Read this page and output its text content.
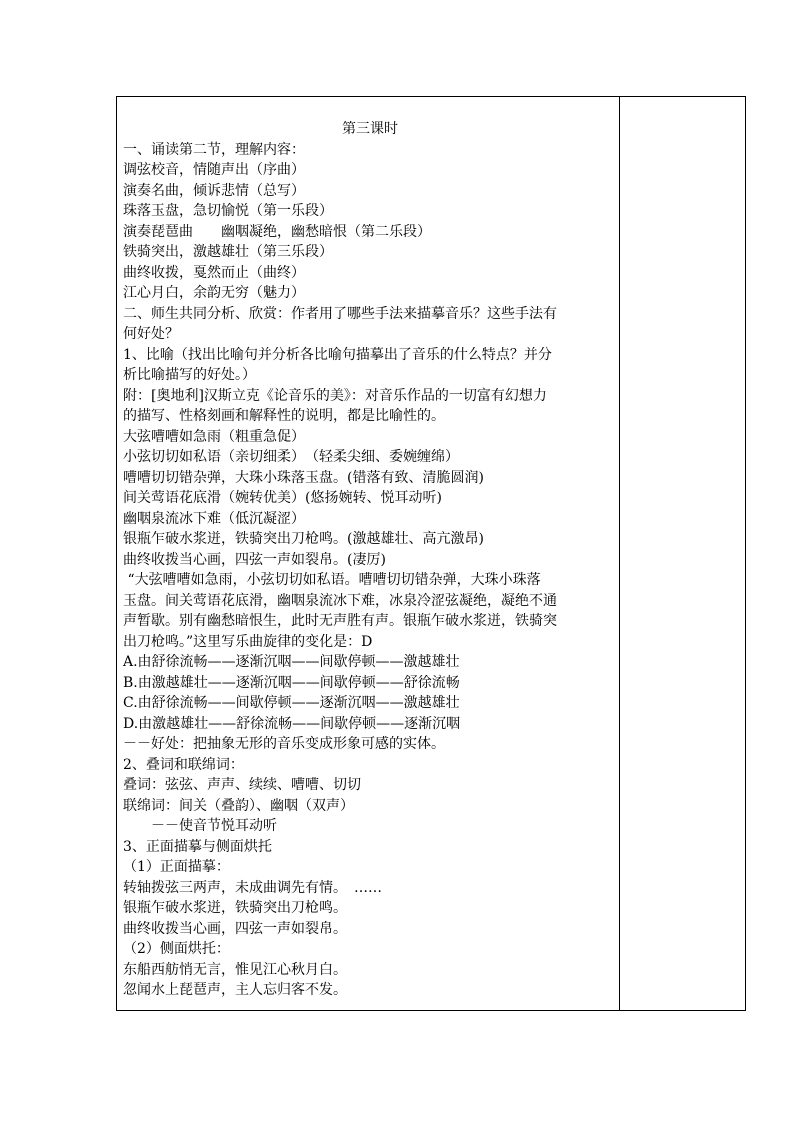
第三课时
一、诵读第二节，理解内容：
调弦校音，情随声出（序曲）
演奏名曲，倾诉悲情（总写）
珠落玉盘，急切愉悦（第一乐段）
演奏琵琶曲　　幽咽凝绝，幽愁暗恨（第二乐段）
铁骑突出，激越雄壮（第三乐段）
曲终收拨，戛然而止（曲终）
江心月白，余韵无穷（魅力）
二、师生共同分析、欣赏：作者用了哪些手法来描摹音乐？这些手法有
何好处？
1、比喻（找出比喻句并分析各比喻句描摹出了音乐的什么特点？并分
析比喻描写的好处。）
附：[奥地利]汉斯立克《论音乐的美》：对音乐作品的一切富有幻想力
的描写、性格刻画和解释性的说明，都是比喻性的。
大弦嘈嘈如急雨（粗重急促）
小弦切切如私语（亲切细柔）　（轻柔尖细、委婉缠绵）
嘈嘈切切错杂弹，大珠小珠落玉盘。(错落有致、清脆圆润)
间关莺语花底滑（婉转优美）(悠扬婉转、悦耳动听)
幽咽泉流冰下难（低沉凝涩）
银瓶乍破水浆迸，铁骑突出刀枪鸣。(激越雄壮、高亢激昂)
曲终收拨当心画，四弦一声如裂帛。(凄厉)
“大弦嘈嘈如急雨，小弦切切如私语。嘈嘈切切错杂弹，大珠小珠落
玉盘。间关莺语花底滑，幽咽泉流冰下难，冰泉冷涩弦凝绝，凝绝不通
声暂歇。别有幽愁暗恨生，此时无声胜有声。银瓶乍破水浆迸，铁骑突
出刀枪鸣。”这里写乐曲旋律的变化是：D
A.由舒徐流畅——逐渐沉咽——间歇停顿——激越雄壮
B.由激越雄壮——逐渐沉咽——间歇停顿——舒徐流畅
C.由舒徐流畅——间歇停顿——逐渐沉咽——激越雄壮
D.由激越雄壮——舒徐流畅——间歇停顿——逐渐沉咽
－－好处：把抽象无形的音乐变成形象可感的实体。
2、叠词和联绵词：
叠词：弦弦、声声、续续、嘈嘈、切切
联绵词：间关（叠韵）、幽咽（双声）
　　－－使音节悦耳动听
3、正面描摹与侧面烘托
（1）正面描摹：
转轴拨弦三两声，未成曲调先有情。　……
银瓶乍破水浆迸，铁骑突出刀枪鸣。
曲终收拨当心画，四弦一声如裂帛。
（2）侧面烘托：
东船西舫悄无言，惟见江心秋月白。
忽闻水上琵琶声，主人忘归客不发。
